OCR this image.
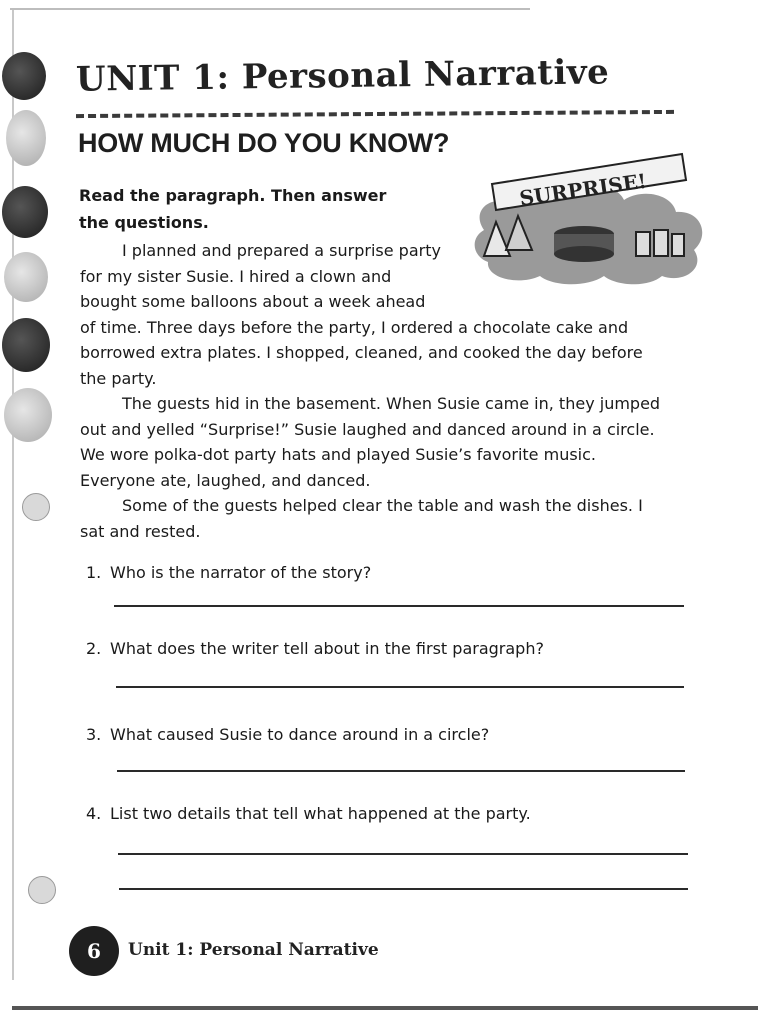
UNIT 1: Personal Narrative
HOW MUCH DO YOU KNOW?

Read the paragraph. Then answer
the questions.

SURPRISE!
I planned and prepared a surprise party
for my sister Susie. I hired a clown and
bought some balloons about a week ahead
of time. Three days before the party, I ordered a chocolate cake and
borrowed extra plates. I shopped, cleaned, and cooked the day before
the party.
The guests hid in the basement. When Susie came in, they jumped
out and yelled “Surprise!” Susie laughed and danced around in a circle.
We wore polka-dot party hats and played Susie’s favorite music.
Everyone ate, laughed, and danced.
Some of the guests helped clear the table and wash the dishes. I
sat and rested.
1. Who is the narrator of the story?
2. What does the writer tell about in the first paragraph?
3. What caused Susie to dance around in a circle?
4. List two details that tell what happened at the party.
6	Unit 1: Personal Narrative
